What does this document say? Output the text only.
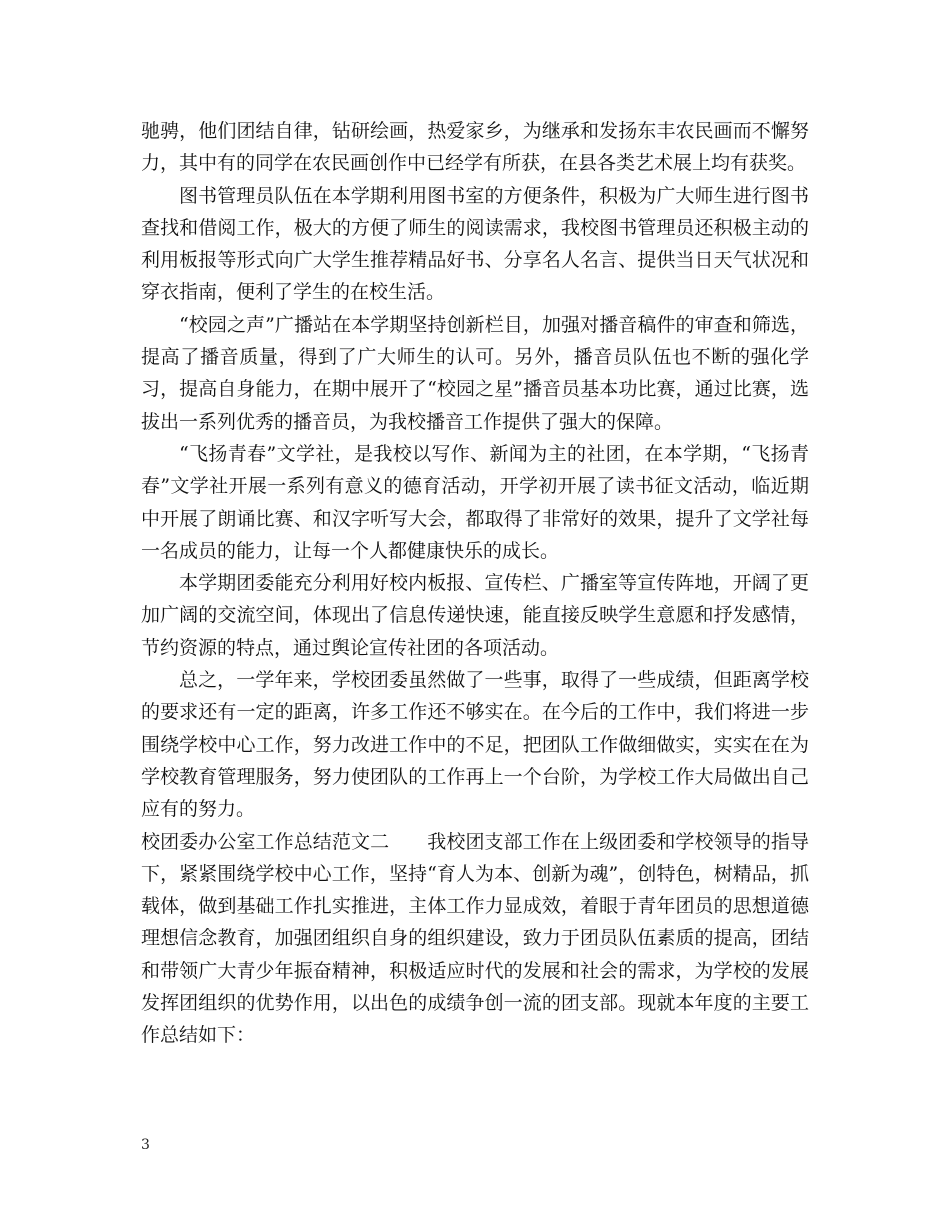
驰骋，他们团结自律，钻研绘画，热爱家乡，为继承和发扬东丰农民画而不懈努力，其中有的同学在农民画创作中已经学有所获，在县各类艺术展上均有获奖。

图书管理员队伍在本学期利用图书室的方便条件，积极为广大师生进行图书查找和借阅工作，极大的方便了师生的阅读需求，我校图书管理员还积极主动的利用板报等形式向广大学生推荐精品好书、分享名人名言、提供当日天气状况和穿衣指南，便利了学生的在校生活。

“校园之声”广播站在本学期坚持创新栏目，加强对播音稿件的审查和筛选，提高了播音质量，得到了广大师生的认可。另外，播音员队伍也不断的强化学习，提高自身能力，在期中展开了“校园之星”播音员基本功比赛，通过比赛，选拔出一系列优秀的播音员，为我校播音工作提供了强大的保障。

“飞扬青春”文学社，是我校以写作、新闻为主的社团，在本学期，“飞扬青春”文学社开展一系列有意义的德育活动，开学初开展了读书征文活动，临近期中开展了朗诵比赛、和汉字听写大会，都取得了非常好的效果，提升了文学社每一名成员的能力，让每一个人都健康快乐的成长。

本学期团委能充分利用好校内板报、宣传栏、广播室等宣传阵地，开阔了更加广阔的交流空间，体现出了信息传递快速，能直接反映学生意愿和抒发感情，节约资源的特点，通过舆论宣传社团的各项活动。

总之，一学年来，学校团委虽然做了一些事，取得了一些成绩，但距离学校的要求还有一定的距离，许多工作还不够实在。在今后的工作中，我们将进一步围绕学校中心工作，努力改进工作中的不足，把团队工作做细做实，实实在在为学校教育管理服务，努力使团队的工作再上一个台阶，为学校工作大局做出自己应有的努力。

校团委办公室工作总结范文二 我校团支部工作在上级团委和学校领导的指导下，紧紧围绕学校中心工作，坚持“育人为本、创新为魂”，创特色，树精品，抓载体，做到基础工作扎实推进，主体工作力显成效，着眼于青年团员的思想道德理想信念教育，加强团组织自身的组织建设，致力于团员队伍素质的提高，团结和带领广大青少年振奋精神，积极适应时代的发展和社会的需求，为学校的发展发挥团组织的优势作用，以出色的成绩争创一流的团支部。现就本年度的主要工作总结如下：

3
